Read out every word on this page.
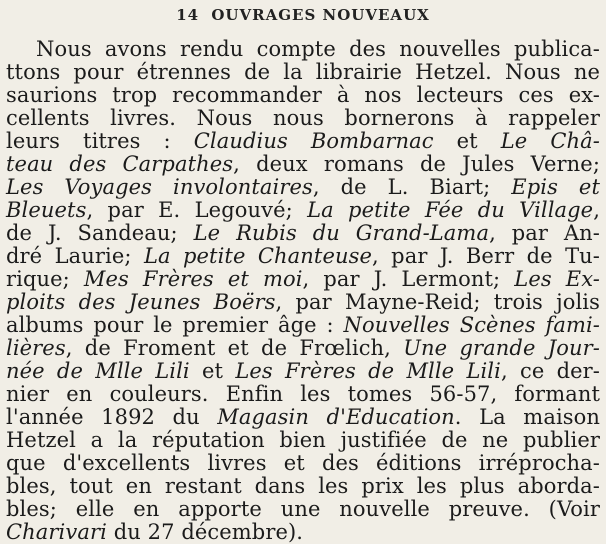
14 OUVRAGES NOUVEAUX
Nous avons rendu compte des nouvelles publica-
ttons pour étrennes de la librairie Hetzel. Nous ne
saurions trop recommander à nos lecteurs ces ex-
cellents livres. Nous nous bornerons à rappeler
leurs titres : Claudius Bombarnac et Le Châ-
teau des Carpathes, deux romans de Jules Verne;
Les Voyages involontaires, de L. Biart; Epis et
Bleuets, par E. Legouvé; La petite Fée du Village,
de J. Sandeau; Le Rubis du Grand-Lama, par An-
dré Laurie; La petite Chanteuse, par J. Berr de Tu-
rique; Mes Frères et moi, par J. Lermont; Les Ex-
ploits des Jeunes Boërs, par Mayne-Reid; trois jolis
albums pour le premier âge : Nouvelles Scènes fami-
lières, de Froment et de Frœlich, Une grande Jour-
née de Mlle Lili et Les Frères de Mlle Lili, ce der-
nier en couleurs. Enfin les tomes 56-57, formant
l'année 1892 du Magasin d'Education. La maison
Hetzel a la réputation bien justifiée de ne publier
que d'excellents livres et des éditions irréprocha-
bles, tout en restant dans les prix les plus aborda-
bles; elle en apporte une nouvelle preuve. (Voir
Charivari du 27 décembre).
